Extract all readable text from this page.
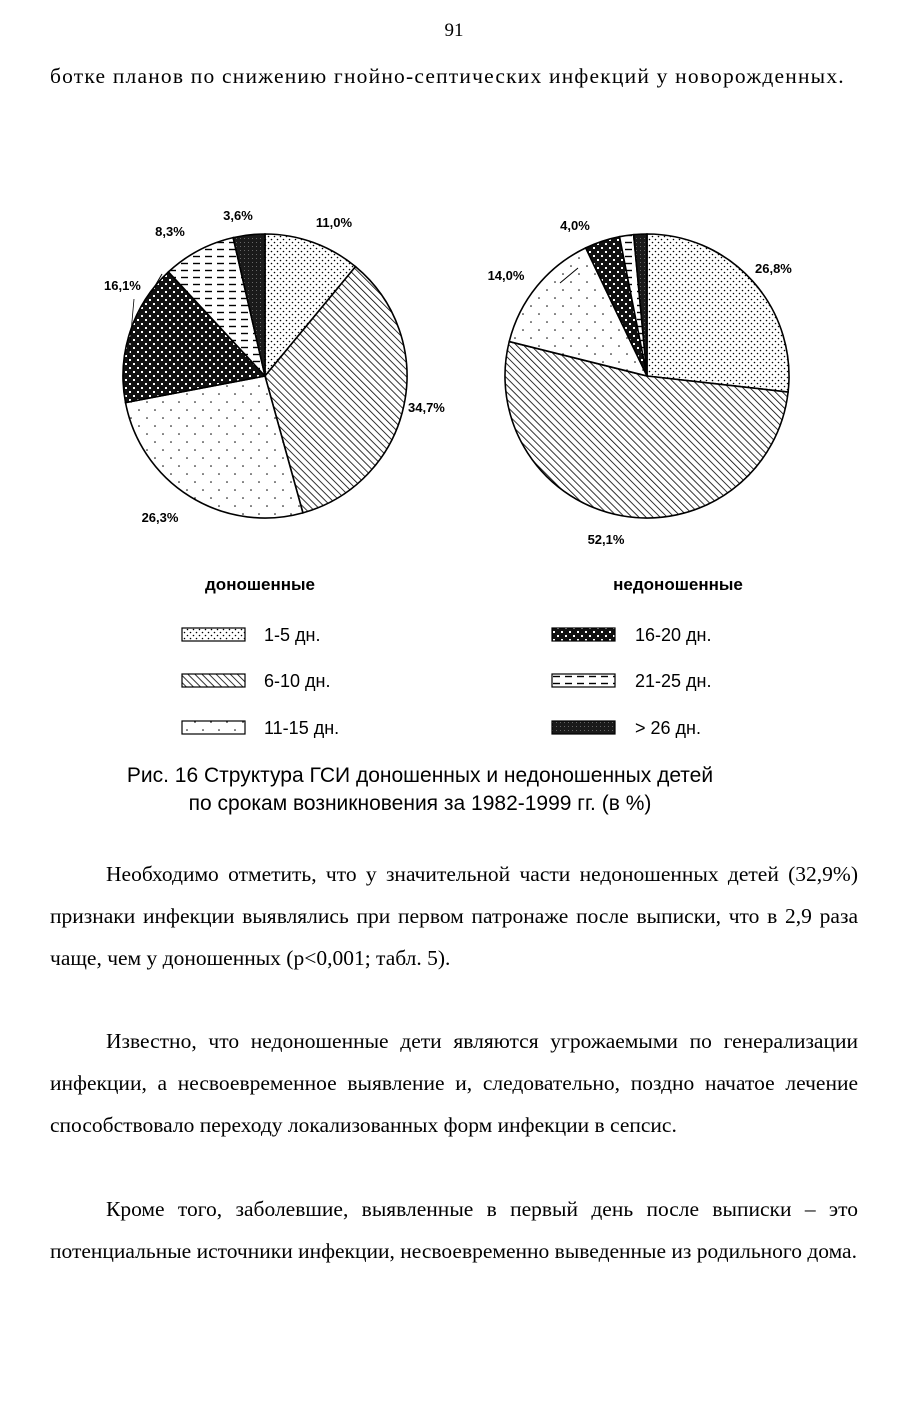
91
ботке планов по снижению гнойно-септических инфекций у новорожденных.
11,0%
34,7%
26,3%
16,1%
8,3%
3,6%
26,8%
52,1%
14,0%
4,0%
доношенные	недоношенные
1-5 дн.
6-10 дн.
11-15 дн.
16-20 дн.
21-25 дн.
> 26 дн.
Рис. 16 Структура ГСИ доношенных и недоношенных детей
по срокам возникновения за 1982-1999 гг. (в %)
Необходимо отметить, что у значительной части недоношенных детей (32,9%) признаки инфекции выявлялись при первом патронаже после выписки, что в 2,9 раза чаще, чем у доношенных (р<0,001; табл. 5).
Известно, что недоношенные дети являются угрожаемыми по генерализации инфекции, а несвоевременное выявление и, следовательно, поздно начатое лечение способствовало переходу локализованных форм инфекции в сепсис.
Кроме того, заболевшие, выявленные в первый день после выписки – это потенциальные источники инфекции, несвоевременно выведенные из родильного дома.
